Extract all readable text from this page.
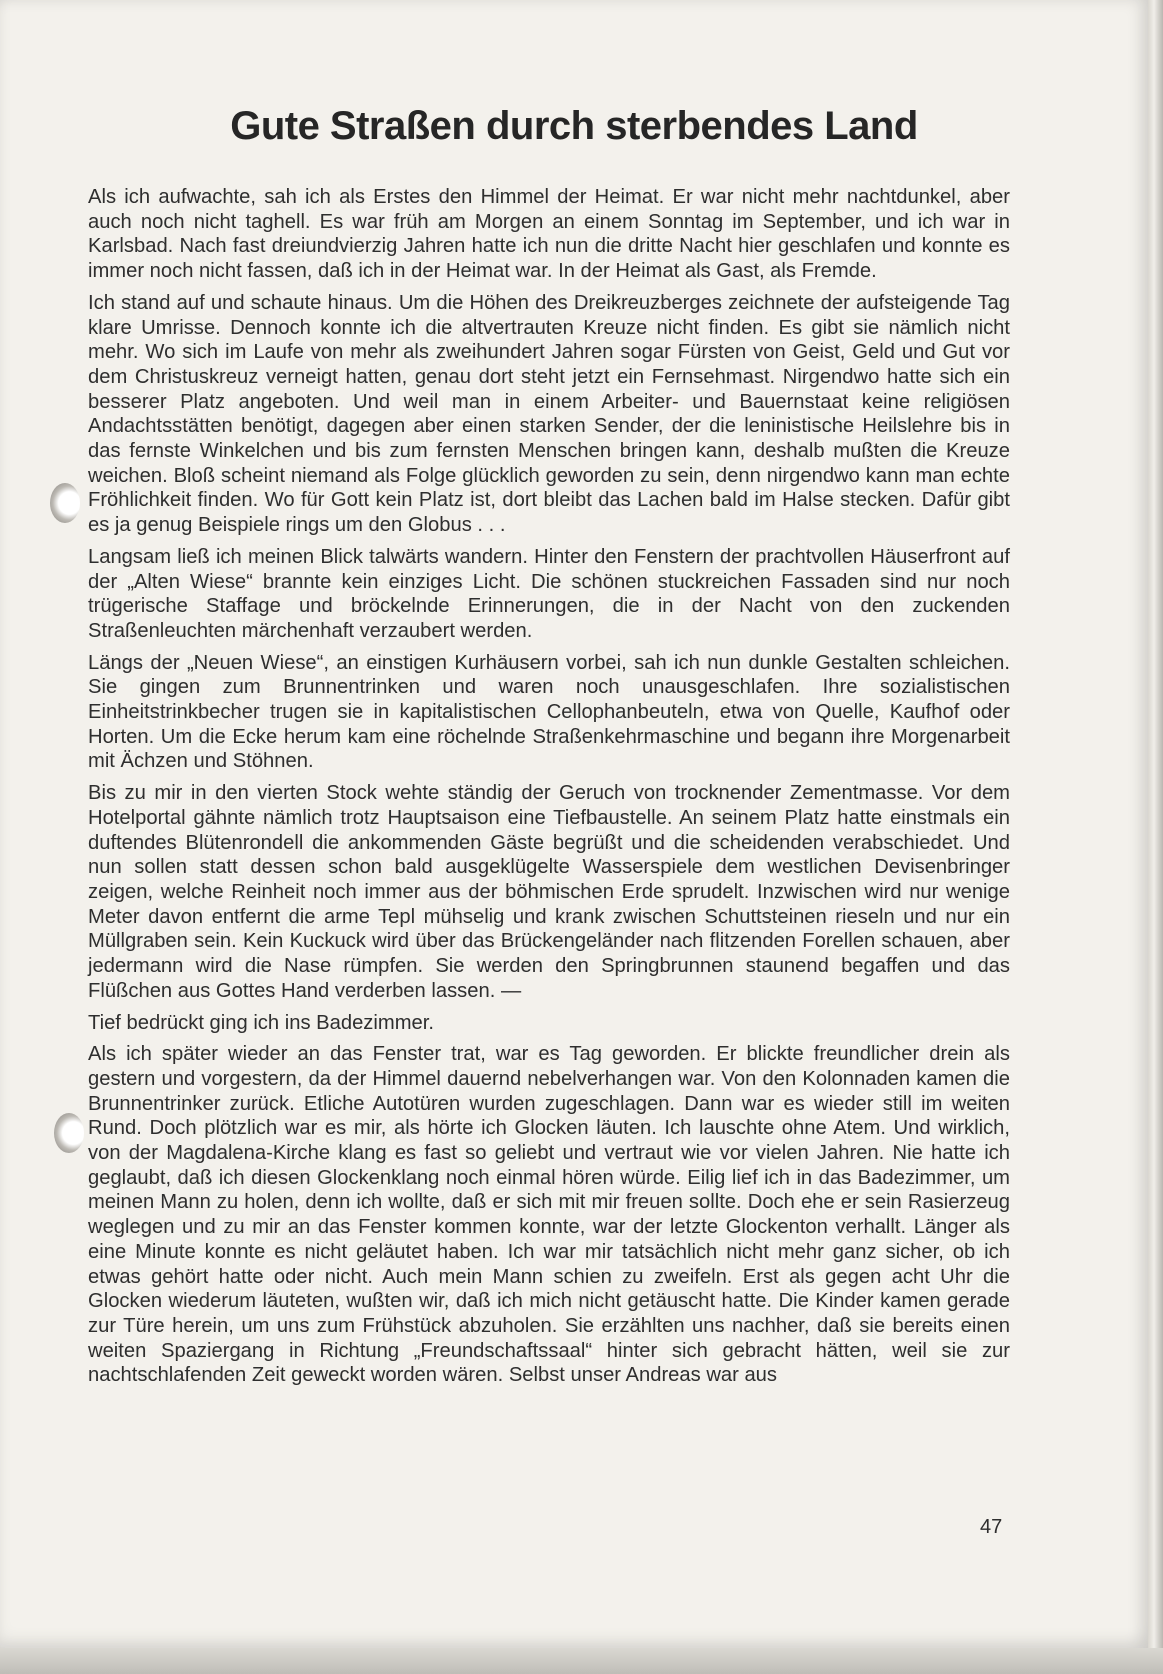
Gute Straßen durch sterbendes Land

Als ich aufwachte, sah ich als Erstes den Himmel der Heimat. Er war nicht mehr nachtdunkel, aber auch noch nicht taghell. Es war früh am Morgen an einem Sonntag im September, und ich war in Karlsbad. Nach fast dreiundvierzig Jahren hatte ich nun die dritte Nacht hier geschlafen und konnte es immer noch nicht fassen, daß ich in der Heimat war. In der Heimat als Gast, als Fremde.

Ich stand auf und schaute hinaus. Um die Höhen des Dreikreuzberges zeichnete der aufsteigende Tag klare Umrisse. Dennoch konnte ich die altvertrauten Kreuze nicht finden. Es gibt sie nämlich nicht mehr. Wo sich im Laufe von mehr als zweihundert Jahren sogar Fürsten von Geist, Geld und Gut vor dem Christuskreuz verneigt hatten, genau dort steht jetzt ein Fernsehmast. Nirgendwo hatte sich ein besserer Platz angeboten. Und weil man in einem Arbeiter- und Bauernstaat keine religiösen Andachtsstätten benötigt, dagegen aber einen starken Sender, der die leninistische Heilslehre bis in das fernste Winkelchen und bis zum fernsten Menschen bringen kann, deshalb mußten die Kreuze weichen. Bloß scheint niemand als Folge glücklich geworden zu sein, denn nirgendwo kann man echte Fröhlichkeit finden. Wo für Gott kein Platz ist, dort bleibt das Lachen bald im Halse stecken. Dafür gibt es ja genug Beispiele rings um den Globus . . .

Langsam ließ ich meinen Blick talwärts wandern. Hinter den Fenstern der prachtvollen Häuserfront auf der „Alten Wiese“ brannte kein einziges Licht. Die schönen stuckreichen Fassaden sind nur noch trügerische Staffage und bröckelnde Erinnerungen, die in der Nacht von den zuckenden Straßenleuchten märchenhaft verzaubert werden.

Längs der „Neuen Wiese“, an einstigen Kurhäusern vorbei, sah ich nun dunkle Gestalten schleichen. Sie gingen zum Brunnentrinken und waren noch unausgeschlafen. Ihre sozialistischen Einheitstrinkbecher trugen sie in kapitalistischen Cellophanbeuteln, etwa von Quelle, Kaufhof oder Horten. Um die Ecke herum kam eine röchelnde Straßenkehrmaschine und begann ihre Morgenarbeit mit Ächzen und Stöhnen.

Bis zu mir in den vierten Stock wehte ständig der Geruch von trocknender Zementmasse. Vor dem Hotelportal gähnte nämlich trotz Hauptsaison eine Tiefbaustelle. An seinem Platz hatte einstmals ein duftendes Blütenrondell die ankommenden Gäste begrüßt und die scheidenden verabschiedet. Und nun sollen statt dessen schon bald ausgeklügelte Wasserspiele dem westlichen Devisenbringer zeigen, welche Reinheit noch immer aus der böhmischen Erde sprudelt. Inzwischen wird nur wenige Meter davon entfernt die arme Tepl mühselig und krank zwischen Schuttsteinen rieseln und nur ein Müllgraben sein. Kein Kuckuck wird über das Brückengeländer nach flitzenden Forellen schauen, aber jedermann wird die Nase rümpfen. Sie werden den Springbrunnen staunend begaffen und das Flüßchen aus Gottes Hand verderben lassen. —

Tief bedrückt ging ich ins Badezimmer.

Als ich später wieder an das Fenster trat, war es Tag geworden. Er blickte freundlicher drein als gestern und vorgestern, da der Himmel dauernd nebelverhangen war. Von den Kolonnaden kamen die Brunnentrinker zurück. Etliche Autotüren wurden zugeschlagen. Dann war es wieder still im weiten Rund. Doch plötzlich war es mir, als hörte ich Glocken läuten. Ich lauschte ohne Atem. Und wirklich, von der Magdalena-Kirche klang es fast so geliebt und vertraut wie vor vielen Jahren. Nie hatte ich geglaubt, daß ich diesen Glockenklang noch einmal hören würde. Eilig lief ich in das Badezimmer, um meinen Mann zu holen, denn ich wollte, daß er sich mit mir freuen sollte. Doch ehe er sein Rasierzeug weglegen und zu mir an das Fenster kommen konnte, war der letzte Glockenton verhallt. Länger als eine Minute konnte es nicht geläutet haben. Ich war mir tatsächlich nicht mehr ganz sicher, ob ich etwas gehört hatte oder nicht. Auch mein Mann schien zu zweifeln. Erst als gegen acht Uhr die Glocken wiederum läuteten, wußten wir, daß ich mich nicht getäuscht hatte. Die Kinder kamen gerade zur Türe herein, um uns zum Frühstück abzuholen. Sie erzählten uns nachher, daß sie bereits einen weiten Spaziergang in Richtung „Freundschaftssaal“ hinter sich gebracht hätten, weil sie zur nachtschlafenden Zeit geweckt worden wären. Selbst unser Andreas war aus

47
